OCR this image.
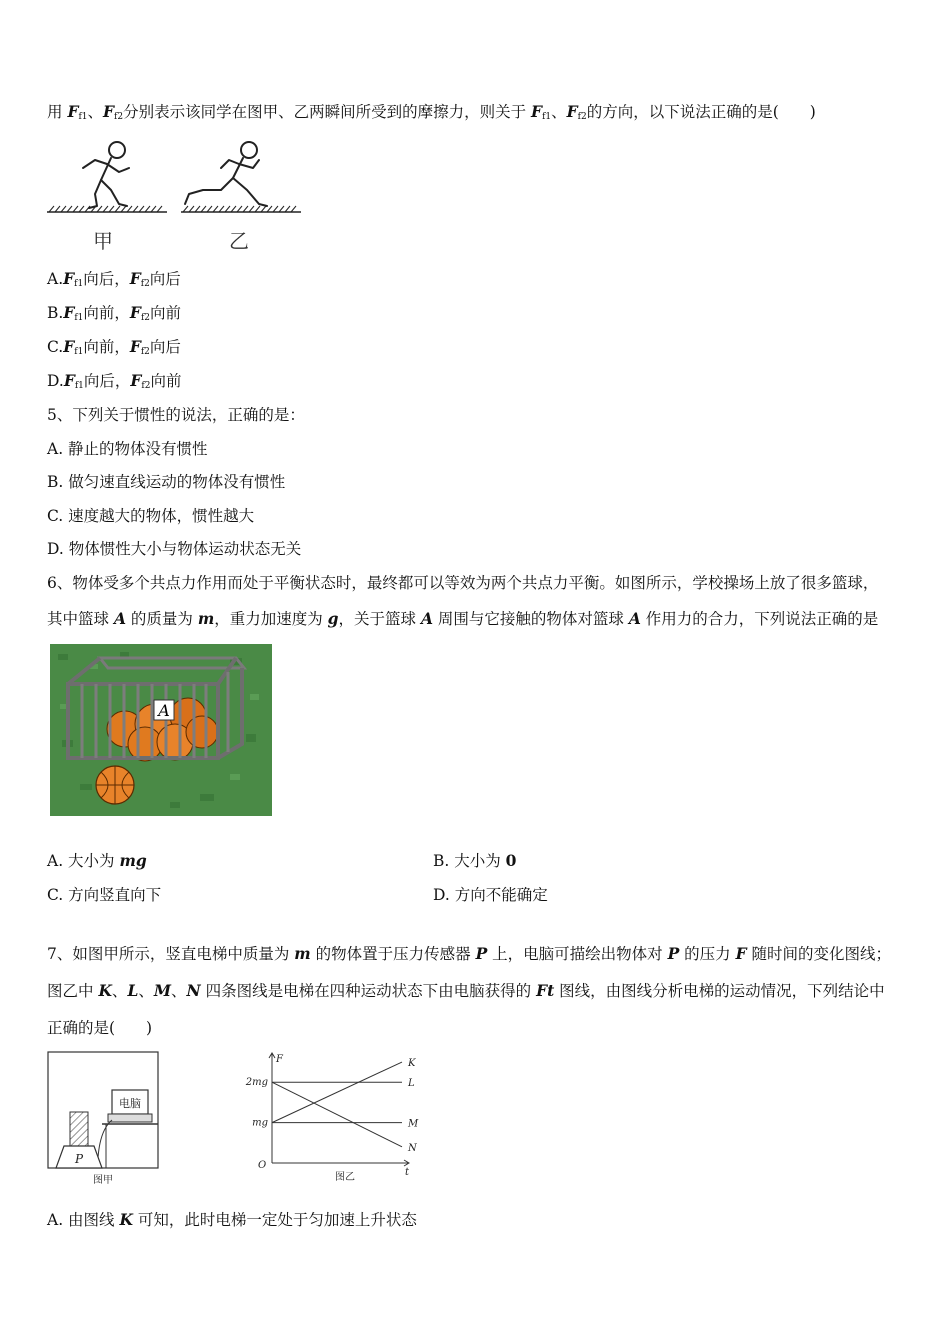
用 $F_{f1}$、$F_{f2}$分别表示该同学在图甲、乙两瞬间所受到的摩擦力，则关于 $F_{f1}$、$F_{f2}$的方向，以下说法正确的是(　　)
甲	乙
$A.F_{f1}$向后，$F_{f2}$向后
$B.F_{f1}$向前，$F_{f2}$向前
$C.F_{f1}$向前，$F_{f2}$向后
$D.F_{f1}$向后，$F_{f2}$向前
5、下列关于惯性的说法，正确的是：
A. 静止的物体没有惯性
B. 做匀速直线运动的物体没有惯性
C. 速度越大的物体，惯性越大
D. 物体惯性大小与物体运动状态无关
6、物体受多个共点力作用而处于平衡状态时，最终都可以等效为两个共点力平衡。如图所示，学校操场上放了很多篮球，
其中篮球 A 的质量为 m，重力加速度为 g，关于篮球 A 周围与它接触的物体对篮球 A 作用力的合力，下列说法正确的是
A
A. 大小为 mg	B. 大小为 0
C. 方向竖直向下	D. 方向不能确定
7、如图甲所示，竖直电梯中质量为 m 的物体置于压力传感器 P 上，电脑可描绘出物体对 P 的压力 F 随时间的变化图线；
图乙中 K、L、M、N 四条图线是电梯在四种运动状态下由电脑获得的 Ft 图线，由图线分析电梯的运动情况，下列结论中
正确的是(　　)
电脑
P
图甲
F
t
O
2mg
mg
K
L
M
N
图乙
A. 由图线 K 可知，此时电梯一定处于匀加速上升状态
